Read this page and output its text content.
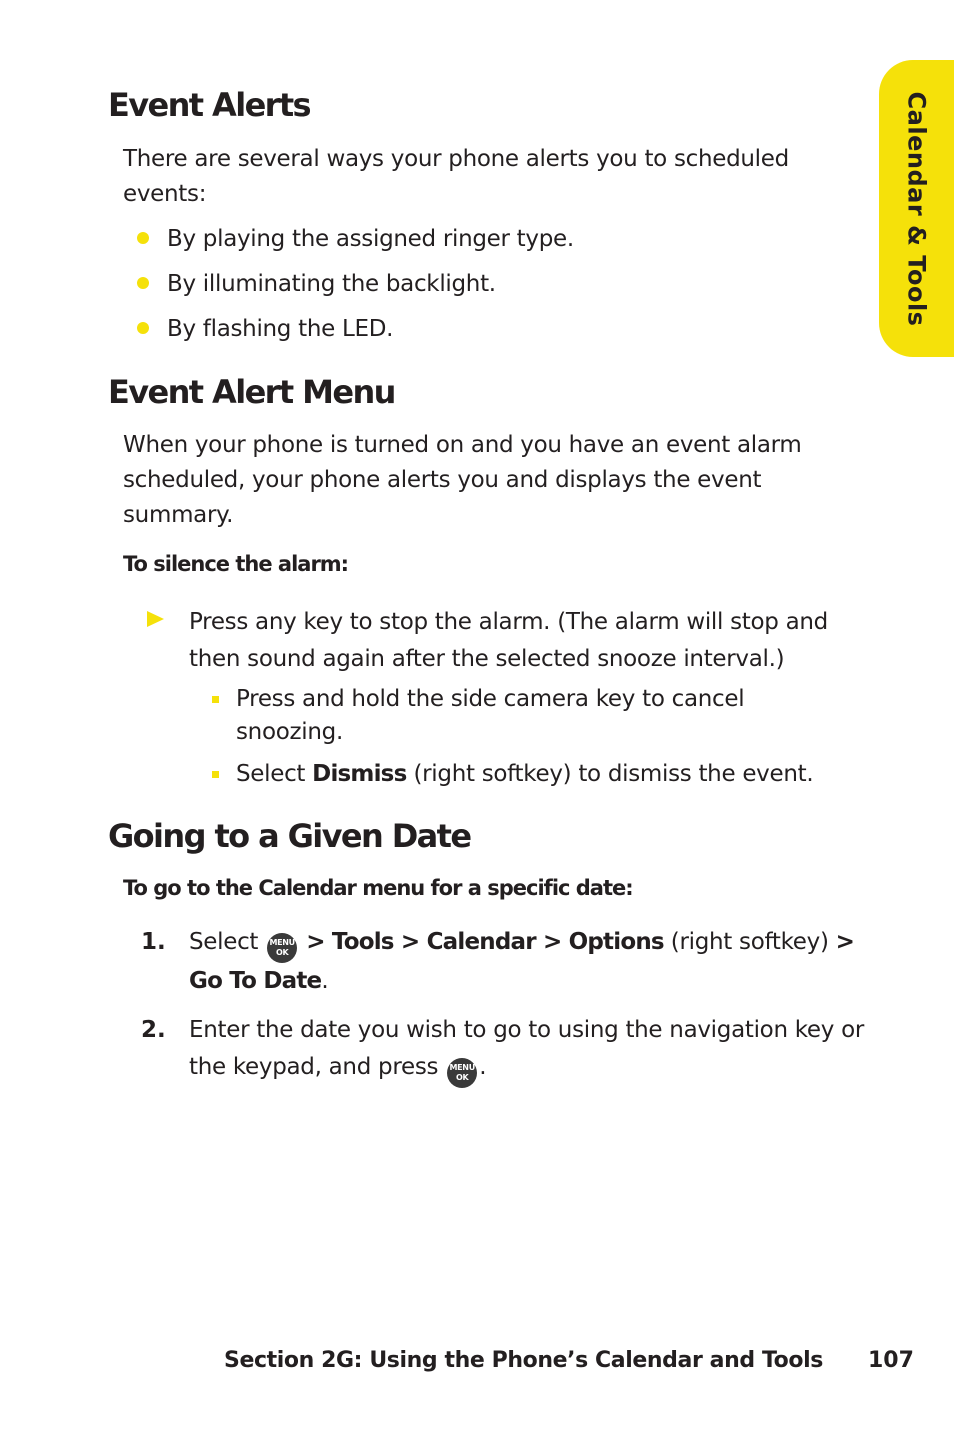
Calendar & Tools
Event Alerts

There are several ways your phone alerts you to scheduled events:

By playing the assigned ringer type.
By illuminating the backlight.
By flashing the LED.
Event Alert Menu

When your phone is turned on and you have an event alarm scheduled, your phone alerts you and displays the event summary.

To silence the alarm:

Press any key to stop the alarm. (The alarm will stop and then sound again after the selected snooze interval.)
Press and hold the side camera key to cancel snoozing.
Select Dismiss (right softkey) to dismiss the event.
Going to a Given Date

To go to the Calendar menu for a specific date:

1. Select MENU
OK > Tools > Calendar > Options (right softkey) >
Go To Date.
2. Enter the date you wish to go to using the navigation key or the keypad, and press MENU
OK .
Section 2G: Using the Phone’s Calendar and Tools 107
